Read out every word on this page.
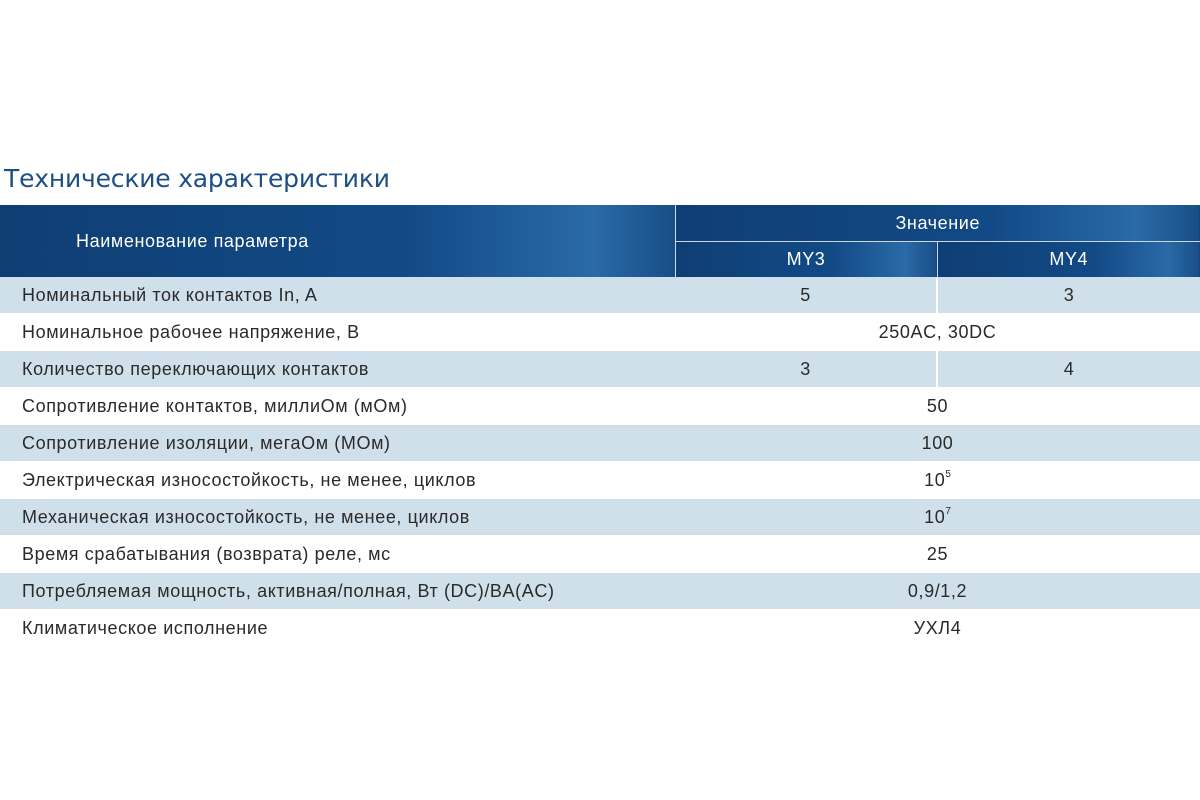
Технические характеристики
Наименование параметра	Значение	
	MY3	MY4
Номинальный ток контактов In, A	5	3
Номинальное рабочее напряжение, В	250AC, 30DC	
Количество переключающих контактов	3	4
Сопротивление контактов, миллиОм (мОм)	50	
Сопротивление изоляции, мегаОм (МОм)	100	
Электрическая износостойкость, не менее, циклов	$10^5$
Механическая износостойкость, не менее, циклов	$10^7$
Время срабатывания (возврата) реле, мс	25	
Потребляемая мощность, активная/полная, Вт (DC)/BA(AC)	0,9/1,2	
Климатическое исполнение	УХЛ4	
